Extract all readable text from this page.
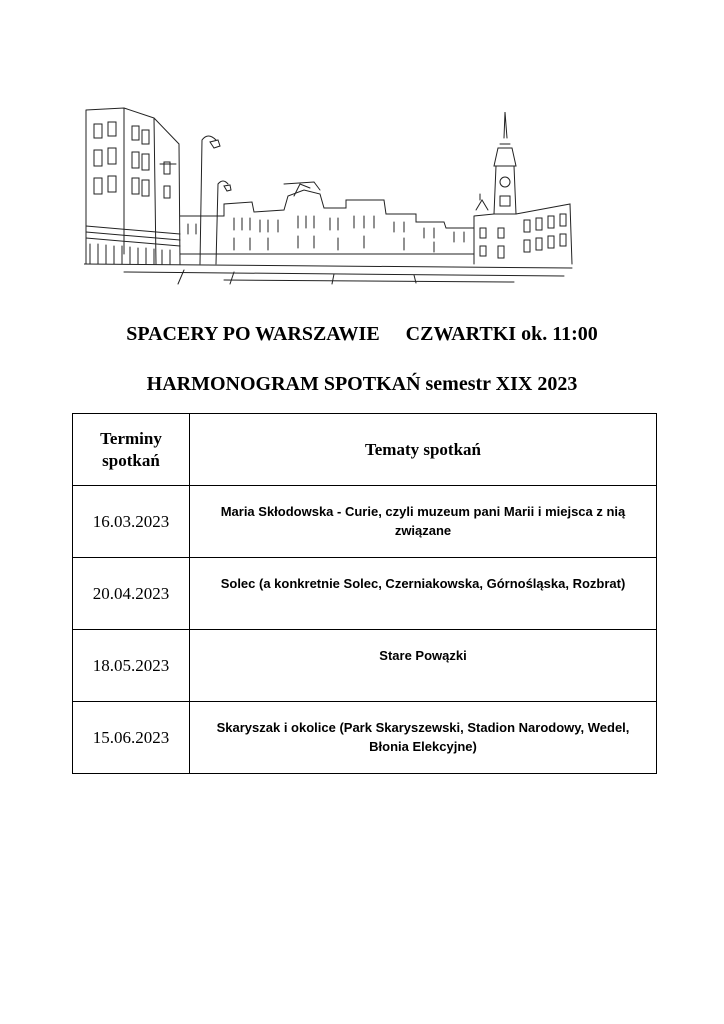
SPACERY PO WARSZAWIE CZWARTKI ok. 11:00
HARMONOGRAM SPOTKAŃ semestr XIX 2023
Terminy
spotkań	Tematy spotkań
16.03.2023	Maria Skłodowska - Curie, czyli muzeum pani Marii i miejsca z nią związane
20.04.2023	Solec (a konkretnie Solec, Czerniakowska, Górnośląska, Rozbrat)
18.05.2023	Stare Powązki
15.06.2023	Skaryszak i okolice (Park Skaryszewski, Stadion Narodowy, Wedel, Błonia Elekcyjne)
